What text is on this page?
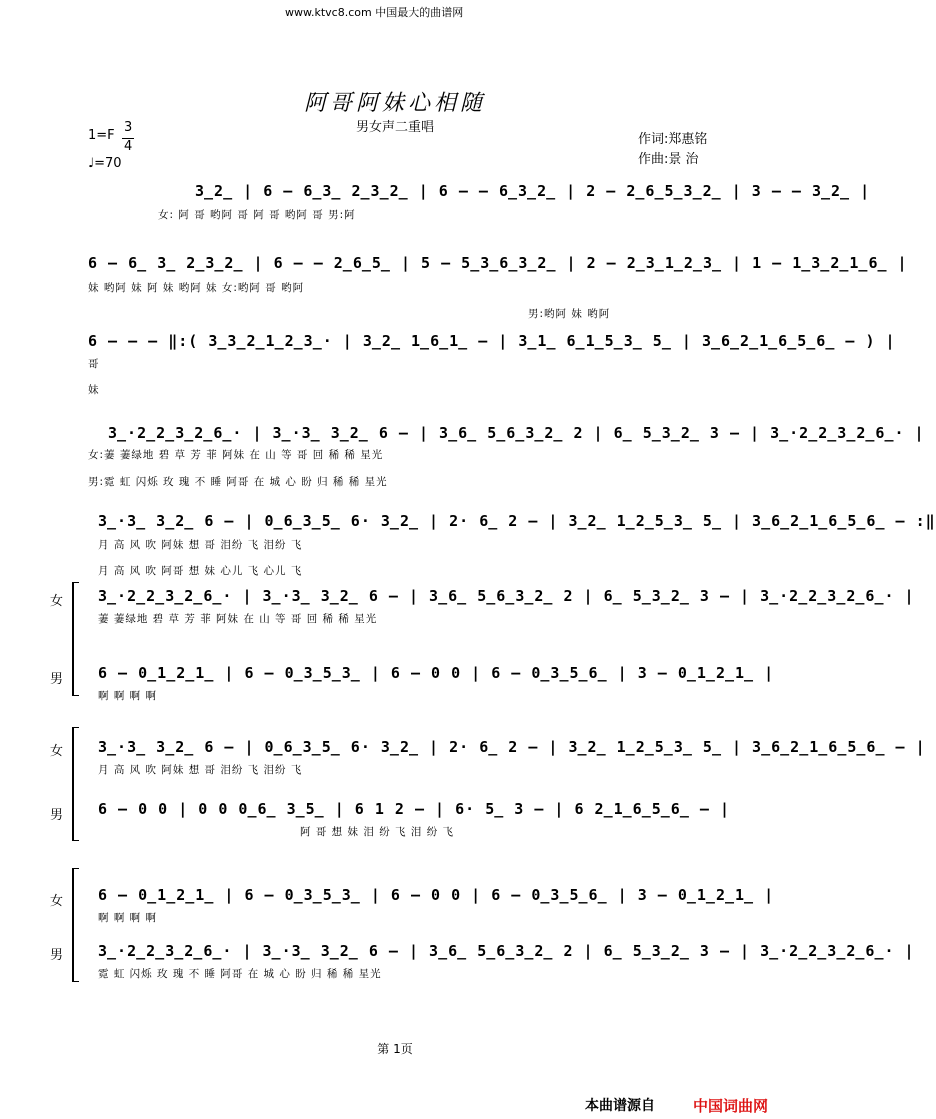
www.ktvc8.com 中国最大的曲谱网
阿哥阿妹心相随
男女声二重唱
1=F
3
4
♩=70
作词:郑惠铭
作曲:景 治
3̲2̲ | 6 — 6̲3̲ 2̲3̲2̲ | 6 — — 6̲3̲2̲ | 2 — 2̲6̲5̲3̲2̲ | 3 — — 3̲2̲ |
女: 阿 哥 哟阿 哥 阿 哥 哟阿 哥 男:阿
6 — 6̲ 3̲ 2̲3̲2̲ | 6 — — 2̲6̲5̲ | 5 — 5̲3̲6̲3̲2̲ | 2 — 2̲3̲1̲2̲3̲ | 1 — 1̲3̲2̲1̲6̲ |
妹 哟阿 妹 阿 妹 哟阿 妹 女:哟阿 哥 哟阿
男:哟阿 妹 哟阿
6 — — — ‖:( 3̲3̲2̲1̲2̲3̲· | 3̲2̲ 1̲6̲1̲ — | 3̲1̲ 6̲1̲5̲3̲ 5̲ | 3̲6̲2̲1̲6̲5̲6̲ — ) |
哥
妹
3̲·2̲2̲3̲2̲6̲· | 3̲·3̲ 3̲2̲ 6 — | 3̲6̲ 5̲6̲3̲2̲ 2 | 6̲ 5̲3̲2̲ 3 — | 3̲·2̲2̲3̲2̲6̲· |
女:萋 萋绿地 碧 草 芳 菲 阿妹 在 山 等 哥 回 稀 稀 星光
男:霓 虹 闪烁 玫 瑰 不 睡 阿哥 在 城 心 盼 归 稀 稀 星光
3̲·3̲ 3̲2̲ 6 — | 0̲6̲3̲5̲ 6· 3̲2̲ | 2· 6̲ 2 — | 3̲2̲ 1̲2̲5̲3̲ 5̲ | 3̲6̲2̲1̲6̲5̲6̲ — :‖
月 高 风 吹 阿妹 想 哥 泪纷 飞 泪纷 飞
月 高 风 吹 阿哥 想 妹 心儿 飞 心儿 飞
女
男
3̲·2̲2̲3̲2̲6̲· | 3̲·3̲ 3̲2̲ 6 — | 3̲6̲ 5̲6̲3̲2̲ 2 | 6̲ 5̲3̲2̲ 3 — | 3̲·2̲2̲3̲2̲6̲· |
萋 萋绿地 碧 草 芳 菲 阿妹 在 山 等 哥 回 稀 稀 星光
6 — 0̲1̲2̲1̲ | 6 — 0̲3̲5̲3̲ | 6 — 0 0 | 6 — 0̲3̲5̲6̲ | 3 — 0̲1̲2̲1̲ |
啊 啊 啊 啊
女
男
3̲·3̲ 3̲2̲ 6 — | 0̲6̲3̲5̲ 6· 3̲2̲ | 2· 6̲ 2 — | 3̲2̲ 1̲2̲5̲3̲ 5̲ | 3̲6̲2̲1̲6̲5̲6̲ — |
月 高 风 吹 阿妹 想 哥 泪纷 飞 泪纷 飞
6 — 0 0 | 0 0 0̲6̲ 3̲5̲ | 6 1 2 — | 6· 5̲ 3 — | 6 2̲1̲6̲5̲6̲ — |
阿 哥 想 妹 泪 纷 飞 泪 纷 飞
女
男
6 — 0̲1̲2̲1̲ | 6 — 0̲3̲5̲3̲ | 6 — 0 0 | 6 — 0̲3̲5̲6̲ | 3 — 0̲1̲2̲1̲ |
啊 啊 啊 啊
3̲·2̲2̲3̲2̲6̲· | 3̲·3̲ 3̲2̲ 6 — | 3̲6̲ 5̲6̲3̲2̲ 2 | 6̲ 5̲3̲2̲ 3 — | 3̲·2̲2̲3̲2̲6̲· |
霓 虹 闪烁 玫 瑰 不 睡 阿哥 在 城 心 盼 归 稀 稀 星光
第 1页
本曲谱源自	中国词曲网
